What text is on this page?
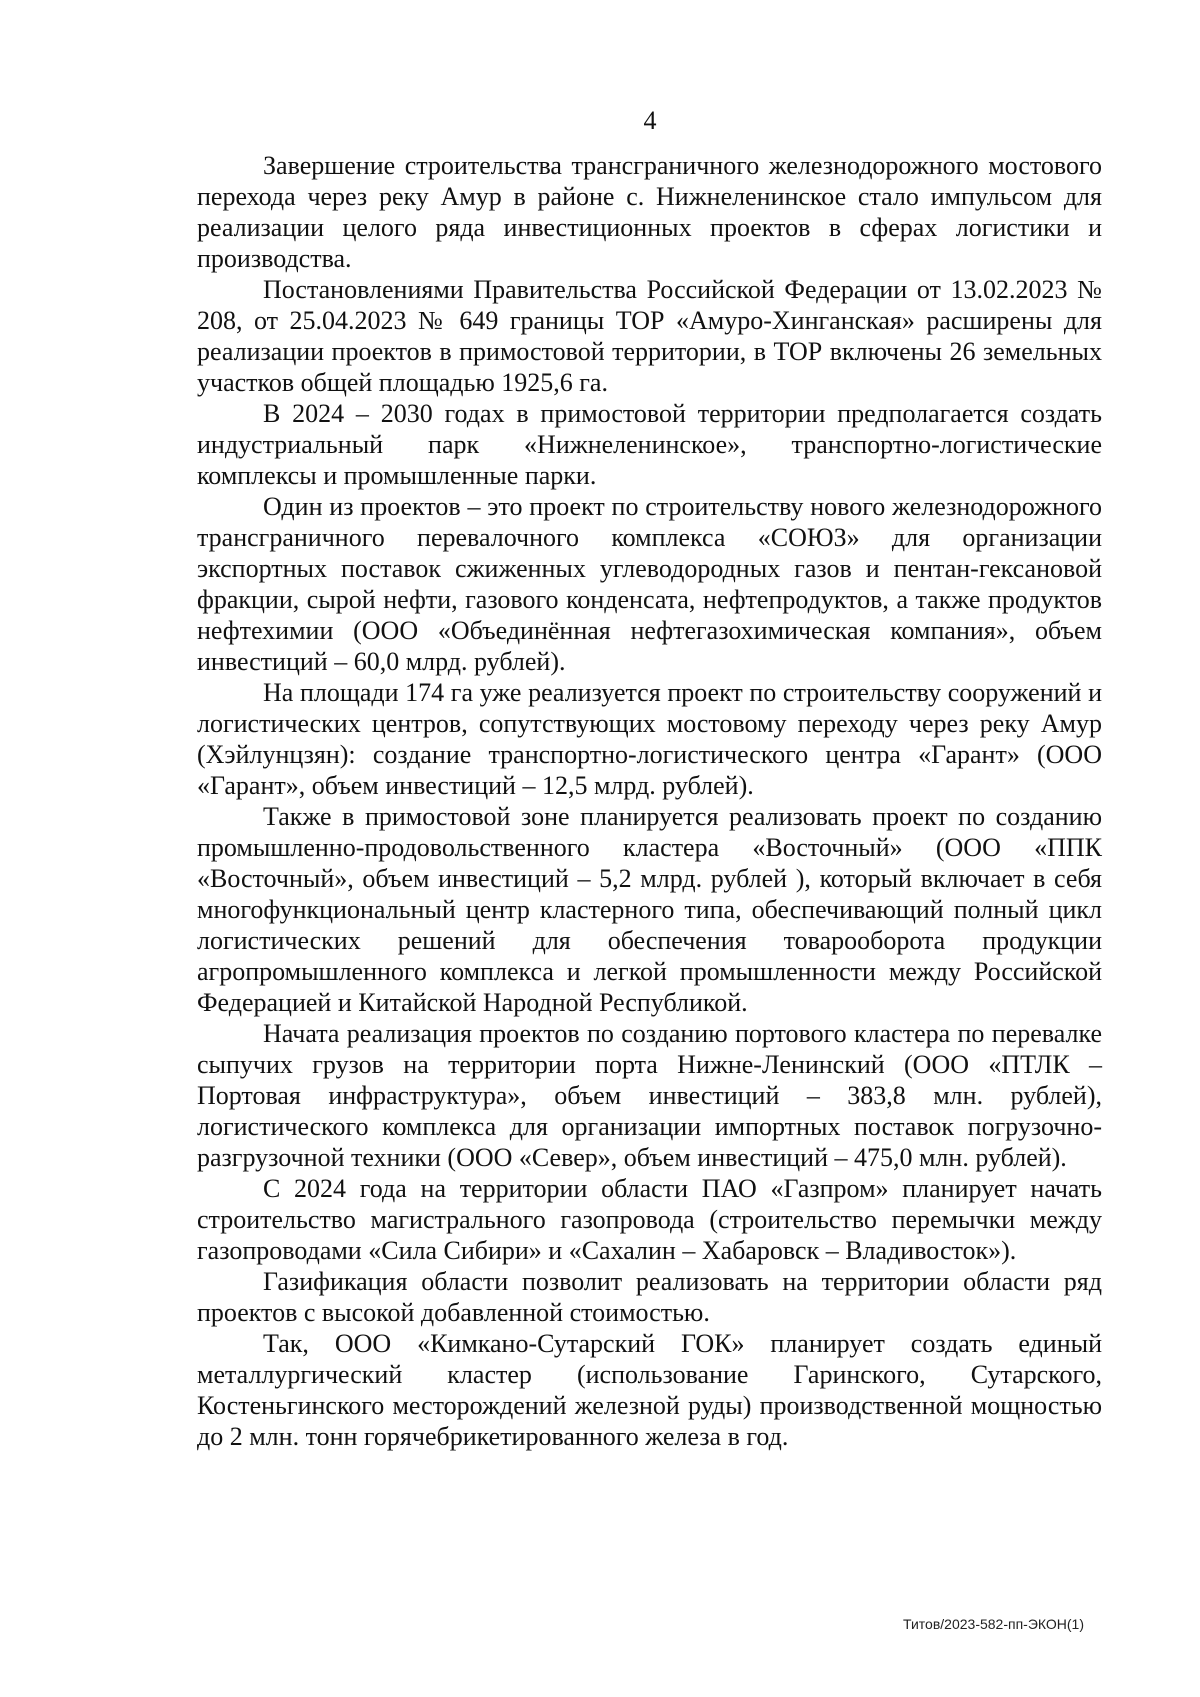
4

Завершение строительства трансграничного железнодорожного мостового перехода через реку Амур в районе с. Нижнеленинское стало импульсом для реализации целого ряда инвестиционных проектов в сферах логистики и производства.

Постановлениями Правительства Российской Федерации от 13.02.2023 № 208, от 25.04.2023 № 649 границы ТОР «Амуро-Хинганская» расширены для реализации проектов в примостовой территории, в ТОР включены 26 земельных участков общей площадью 1925,6 га.

В 2024 – 2030 годах в примостовой территории предполагается создать индустриальный парк «Нижнеленинское», транспортно-логистические комплексы и промышленные парки.

Один из проектов – это проект по строительству нового железнодорожного трансграничного перевалочного комплекса «СОЮЗ» для организации экспортных поставок сжиженных углеводородных газов и пентан-гексановой фракции, сырой нефти, газового конденсата, нефтепродуктов, а также продуктов нефтехимии (ООО «Объединённая нефтегазохимическая компания», объем инвестиций – 60,0 млрд. рублей).

На площади 174 га уже реализуется проект по строительству сооружений и логистических центров, сопутствующих мостовому переходу через реку Амур (Хэйлунцзян): создание транспортно-логистического центра «Гарант» (ООО «Гарант», объем инвестиций – 12,5 млрд. рублей).

Также в примостовой зоне планируется реализовать проект по созданию промышленно-продовольственного кластера «Восточный» (ООО «ППК «Восточный», объем инвестиций – 5,2 млрд. рублей ), который включает в себя многофункциональный центр кластерного типа, обеспечивающий полный цикл логистических решений для обеспечения товарооборота продукции агропромышленного комплекса и легкой промышленности между Российской Федерацией и Китайской Народной Республикой.

Начата реализация проектов по созданию портового кластера по перевалке сыпучих грузов на территории порта Нижне-Ленинский (ООО «ПТЛК – Портовая инфраструктура», объем инвестиций – 383,8 млн. рублей), логистического комплекса для организации импортных поставок погрузочно-разгрузочной техники (ООО «Север», объем инвестиций – 475,0 млн. рублей).

С 2024 года на территории области ПАО «Газпром» планирует начать строительство магистрального газопровода (строительство перемычки между газопроводами «Сила Сибири» и «Сахалин – Хабаровск – Владивосток»).

Газификация области позволит реализовать на территории области ряд проектов с высокой добавленной стоимостью.

Так, ООО «Кимкано-Сутарский ГОК» планирует создать единый металлургический кластер (использование Гаринского, Сутарского, Костеньгинского месторождений железной руды) производственной мощностью до 2 млн. тонн горячебрикетированного железа в год.

Титов/2023-582-пп-ЭКОН(1)
